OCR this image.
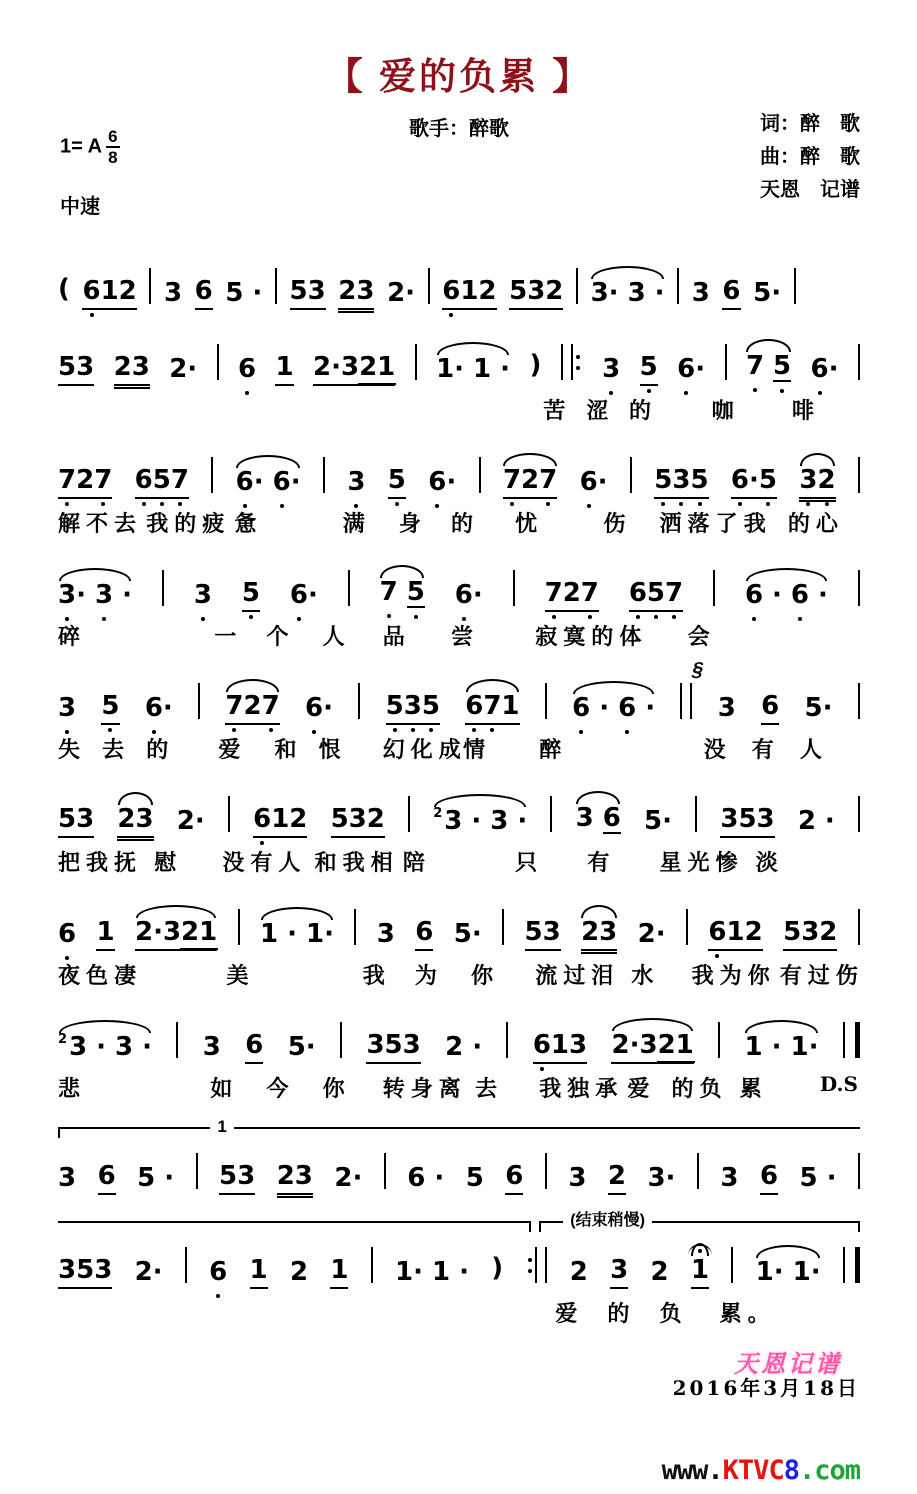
【 爱的负累 】
1= A $\frac{6}{8}$
中速
歌手：醉歌	词：醉　歌
曲：醉　歌
天恩　记谱
( 612 3 6 5 · 53 23 2· 612 532 3· 3 · 3 6 5·
53 23 2· 6 1 2·321 1· 1 · ) 3 5 6· 7 5 6·
苦 涩 的 咖 啡
727 657 6· 6· 3 5 6· 727 6· 535 6·5 32
解不去 我的疲 惫	满 身 的 忧	伤 洒落了 我 的心
3· 3 · 3 5 6· 7 5 6· 727 657 6 · 6 ·
碎	一 个 人 品 尝	寂寞的 体 会
§
3 5 6· 727 6· 535 671 6 · 6 · 3 6 5·
失 去 的 爱 和 恨 幻化成
情 醉	没 有 人
53 23 2· 612 532	$^2$3 · 3 · 3 6 5· 353 2 ·
把我抚 慰 没有人 和我相 陪	只 有 星光惨 淡
6 1 2·321 1 · 1· 3 6 5· 53 23 2· 612 532
夜色凄	美	我 为 你 流过泪 水 我为你 有过伤
$^2$3 · 3 · 3 6 5· 353 2 · 613 2·321 1 · 1·
悲	如 今 你 转身离 去 我独承 爱 的负 累	D.S
1
3 6 5 · 53 23 2· 6 · 5 6 3 2 3· 3 6 5 ·
(结束稍慢)
353 2· 6 1 2 1 1· 1 · )	2 3 2 1 1· 1·
爱 的 负 累。
天恩记谱
2016年3月18日
www.KTVC8.com
